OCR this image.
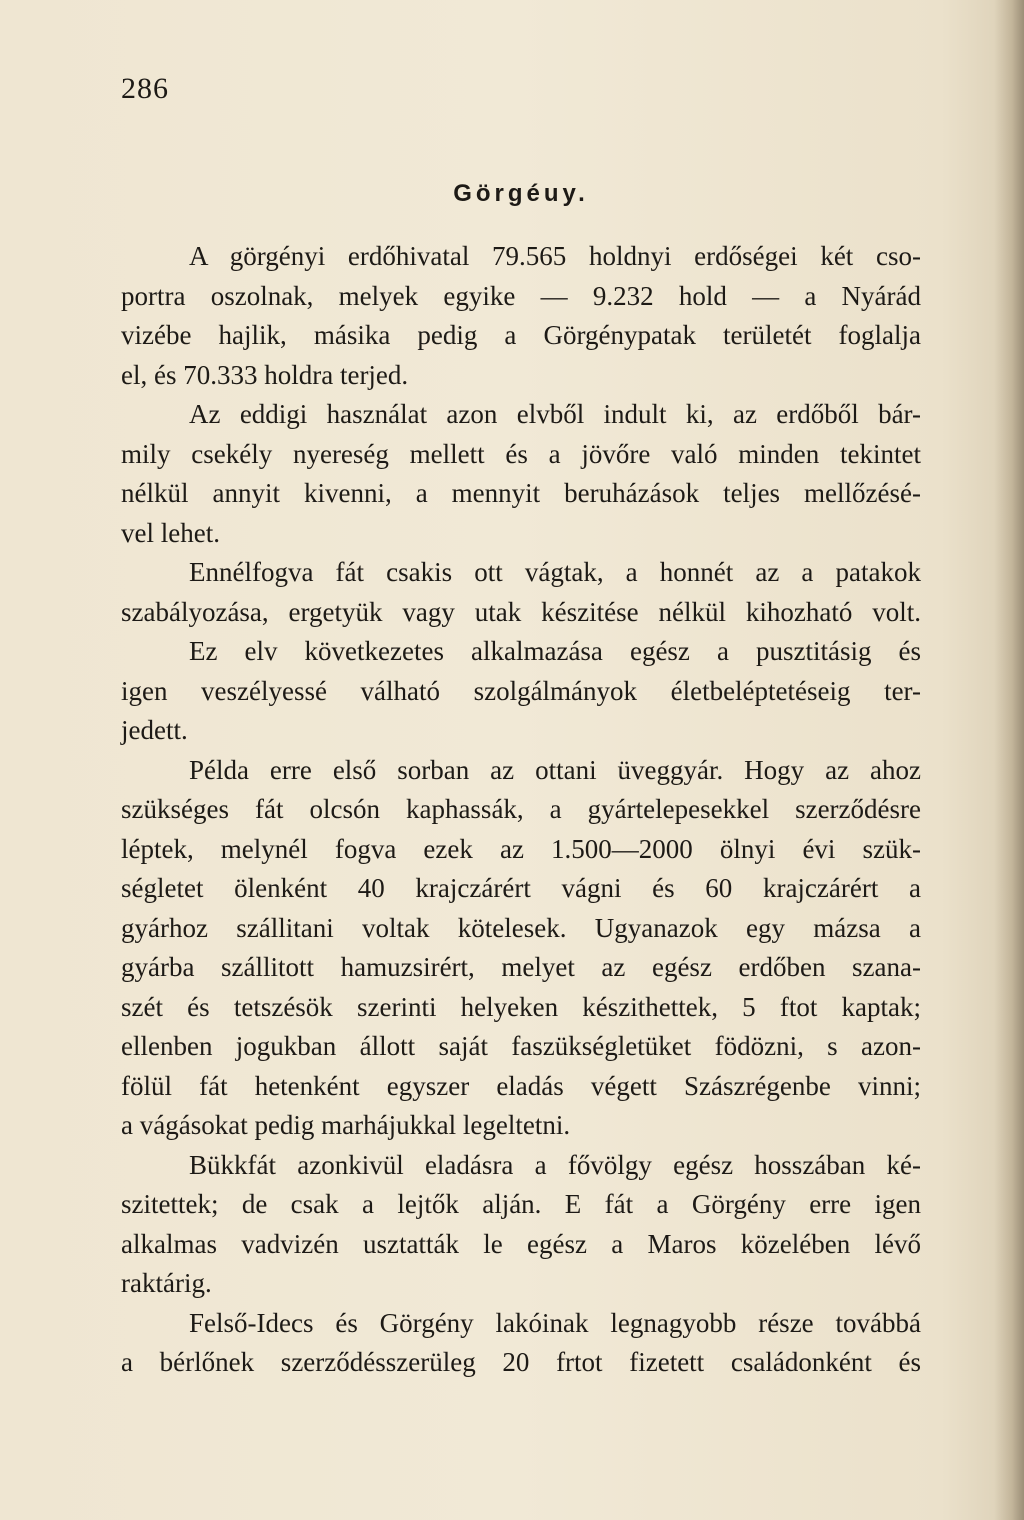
286
Görgéuy.
A görgényi erdőhivatal 79.565 holdnyi erdőségei két cso-
portra oszolnak, melyek egyike — 9.232 hold — a Nyárád
vizébe hajlik, másika pedig a Görgénypatak területét foglalja
el, és 70.333 holdra terjed.
Az eddigi használat azon elvből indult ki, az erdőből bár-
mily csekély nyereség mellett és a jövőre való minden tekintet
nélkül annyit kivenni, a mennyit beruházások teljes mellőzésé-
vel lehet.
Ennélfogva fát csakis ott vágtak, a honnét az a patakok
szabályozása, ergetyük vagy utak készitése nélkül kihozható volt.
Ez elv következetes alkalmazása egész a pusztitásig és
igen veszélyessé válható szolgálmányok életbeléptetéseig ter-
jedett.
Példa erre első sorban az ottani üveggyár. Hogy az ahoz
szükséges fát olcsón kaphassák, a gyártelepesekkel szerződésre
léptek, melynél fogva ezek az 1.500—2000 ölnyi évi szük-
ségletet ölenként 40 krajczárért vágni és 60 krajczárért a
gyárhoz szállitani voltak kötelesek. Ugyanazok egy mázsa a
gyárba szállitott hamuzsirért, melyet az egész erdőben szana-
szét és tetszésök szerinti helyeken készithettek, 5 ftot kaptak;
ellenben jogukban állott saját faszükségletüket födözni, s azon-
fölül fát hetenként egyszer eladás végett Szászrégenbe vinni;
a vágásokat pedig marhájukkal legeltetni.
Bükkfát azonkivül eladásra a fővölgy egész hosszában ké-
szitettek; de csak a lejtők alján. E fát a Görgény erre igen
alkalmas vadvizén usztatták le egész a Maros közelében lévő
raktárig.
Felső-Idecs és Görgény lakóinak legnagyobb része továbbá
a bérlőnek szerződésszerüleg 20 frtot fizetett családonként és
